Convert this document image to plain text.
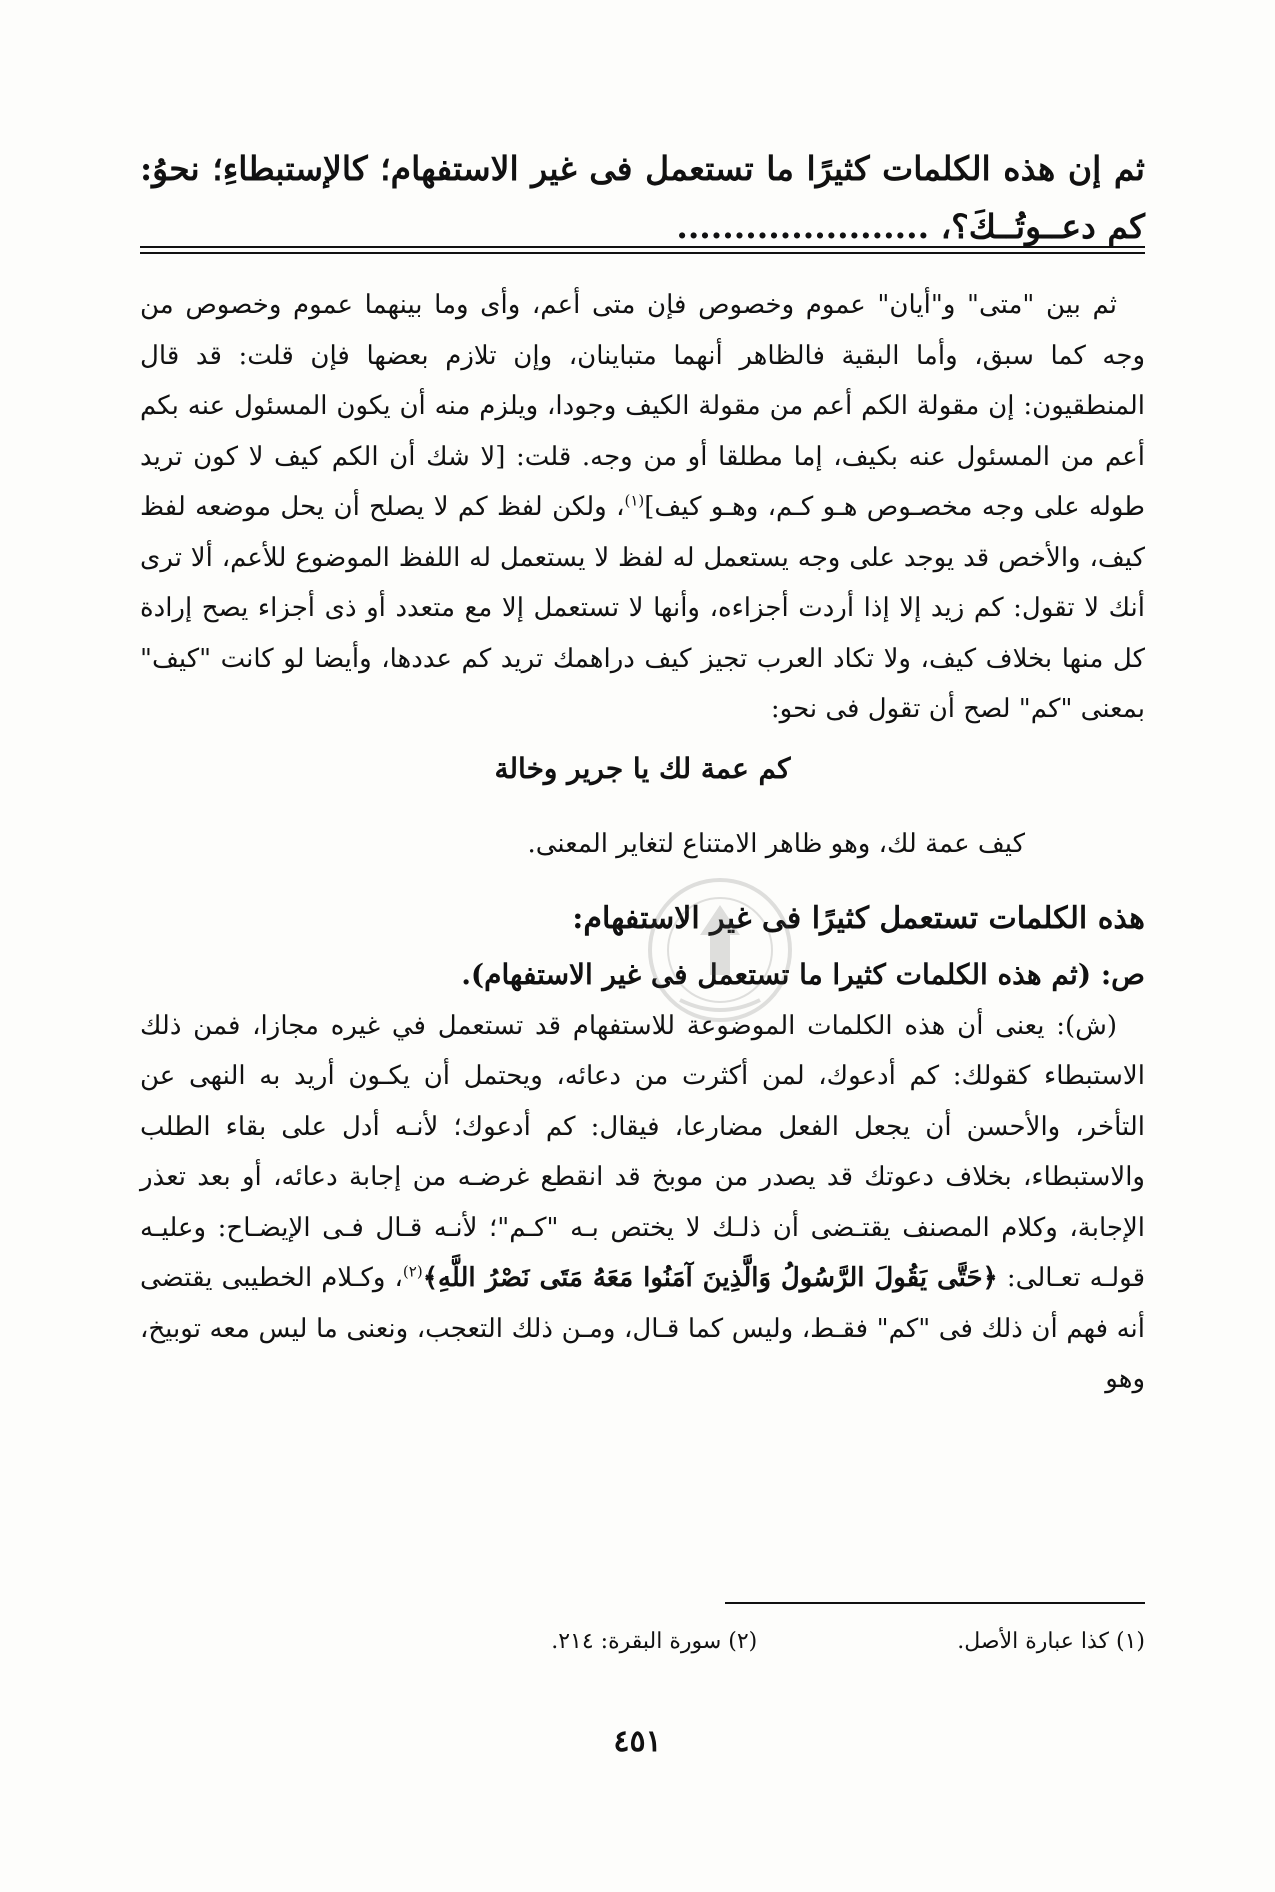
ثم إن هذه الكلمات كثيرًا ما تستعمل فى غير الاستفهام؛ كالإستبطاءِ؛ نحوُ: كم دعــوتُــكَ؟، ......................

ثم بين "متى" و"أيان" عموم وخصوص فإن متى أعم، وأى وما بينهما عموم وخصوص من وجه كما سبق، وأما البقية فالظاهر أنهما متباينان، وإن تلازم بعضها فإن قلت: قد قال المنطقيون: إن مقولة الكم أعم من مقولة الكيف وجودا، ويلزم منه أن يكون المسئول عنه بكم أعم من المسئول عنه بكيف، إما مطلقا أو من وجه. قلت: [لا شك أن الكم كيف لا كون تريد طوله على وجه مخصـوص هـو كـم، وهـو كيف]$^{(١)}$، ولكن لفظ كم لا يصلح أن يحل موضعه لفظ كيف، والأخص قد يوجد على وجه يستعمل له لفظ لا يستعمل له اللفظ الموضوع للأعم، ألا ترى أنك لا تقول: كم زيد إلا إذا أردت أجزاءه، وأنها لا تستعمل إلا مع متعدد أو ذى أجزاء يصح إرادة كل منها بخلاف كيف، ولا تكاد العرب تجيز كيف دراهمك تريد كم عددها، وأيضا لو كانت "كيف" بمعنى "كم" لصح أن تقول فى نحو:

كم عمة لك يا جرير وخالة

كيف عمة لك، وهو ظاهر الامتناع لتغاير المعنى.

هذه الكلمات تستعمل كثيرًا فى غير الاستفهام:

ص: (ثم هذه الكلمات كثيرا ما تستعمل فى غير الاستفهام).

(ش): يعنى أن هذه الكلمات الموضوعة للاستفهام قد تستعمل في غيره مجازا، فمن ذلك الاستبطاء كقولك: كم أدعوك، لمن أكثرت من دعائه، ويحتمل أن يكـون أريد به النهى عن التأخر، والأحسن أن يجعل الفعل مضارعا، فيقال: كم أدعوك؛ لأنـه أدل على بقاء الطلب والاستبطاء، بخلاف دعوتك قد يصدر من موبخ قد انقطع غرضـه من إجابة دعائه، أو بعد تعذر الإجابة، وكلام المصنف يقتـضى أن ذلـك لا يختص بـه "كـم"؛ لأنـه قـال فـى الإيضـاح: وعليـه قولـه تعـالى: ﴿حَتَّى يَقُولَ الرَّسُولُ وَالَّذِينَ آمَنُوا مَعَهُ مَتَى نَصْرُ اللَّهِ﴾$^{(٢)}$، وكـلام الخطيبى يقتضى أنه فهم أن ذلك فى "كم" فقـط، وليس كما قـال، ومـن ذلك التعجب، ونعنى ما ليس معه توبيخ، وهو

(١) كذا عبارة الأصل.
(٢) سورة البقرة: ٢١٤.
٤٥١
